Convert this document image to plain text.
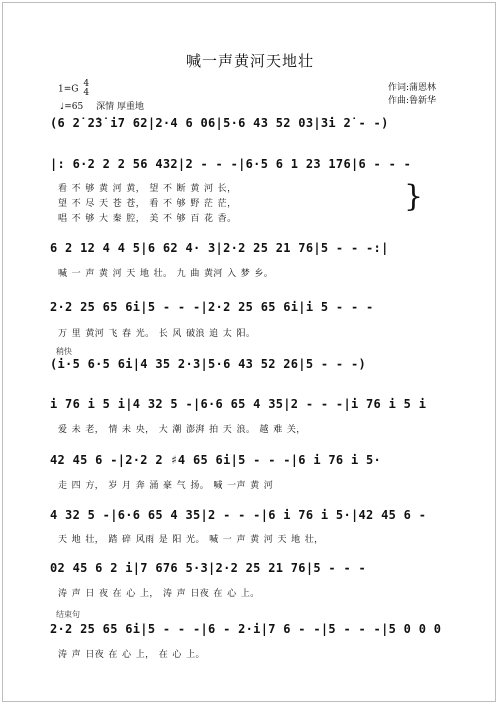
喊一声黄河天地壮
1=G 4
4
♩=65 深情 厚重地
作词:蒲恩林
作曲:鲁新华
(6 2̇ 2̇3̇ i7 62|2·4 6 06|5·6 43 52 03|3̇i 2̇ - -)
|: 6·2 2 2 56 432|2 - - -|6·5 6 1 23 176|6 - - -
看 不 够 黄 河 黄， 望 不 断 黄 河 长，
望 不 尽 天 苍 苍， 看 不 够 野 茫 茫，
唱 不 够 大 秦 腔， 美 不 够 百 花 香。
}
6 2 12 4 4 5|6 62 4· 3|2·2 25 21 76|5 - - -:|
喊 一 声 黄 河 天 地 壮。 九 曲 黄河 入 梦 乡。
2·2 25 65 6i|5 - - -|2·2 25 65 6i|i 5 - - -
万 里 黄河 飞 春 光。 长 风 破浪 追 太 阳。
稍快
(i·5 6·5 6i|4 35 2·3|5·6 43 52 26|5 - - -)
i 76 i 5 i|4 32 5 -|6·6 65 4 35|2 - - -|i 76 i 5 i
爱 未 老， 情 未 央， 大 潮 澎湃 拍 天 浪。 越 难 关，
42 45 6 -|2·2 2 ♯4 65 6i|5 - - -|6 i 76 i 5·
走 四 方， 岁 月 奔 涌 豪 气 扬。 喊 一声 黄 河
4 32 5 -|6·6 65 4 35|2 - - -|6 i 76 i 5·|42 45 6 -
天 地 壮， 踏 碎 风雨 是 阳 光。 喊 一 声 黄 河 天 地 壮，
02 45 6 2 i|7 676 5·3|2·2 25 21 76|5 - - -
涛 声 日 夜 在 心 上， 涛 声 日夜 在 心 上。
结束句
2·2 25 65 6i|5 - - -|6 - 2·i|7 6 - -|5 - - -|5 0 0 0
涛 声 日夜 在 心 上， 在 心 上。
